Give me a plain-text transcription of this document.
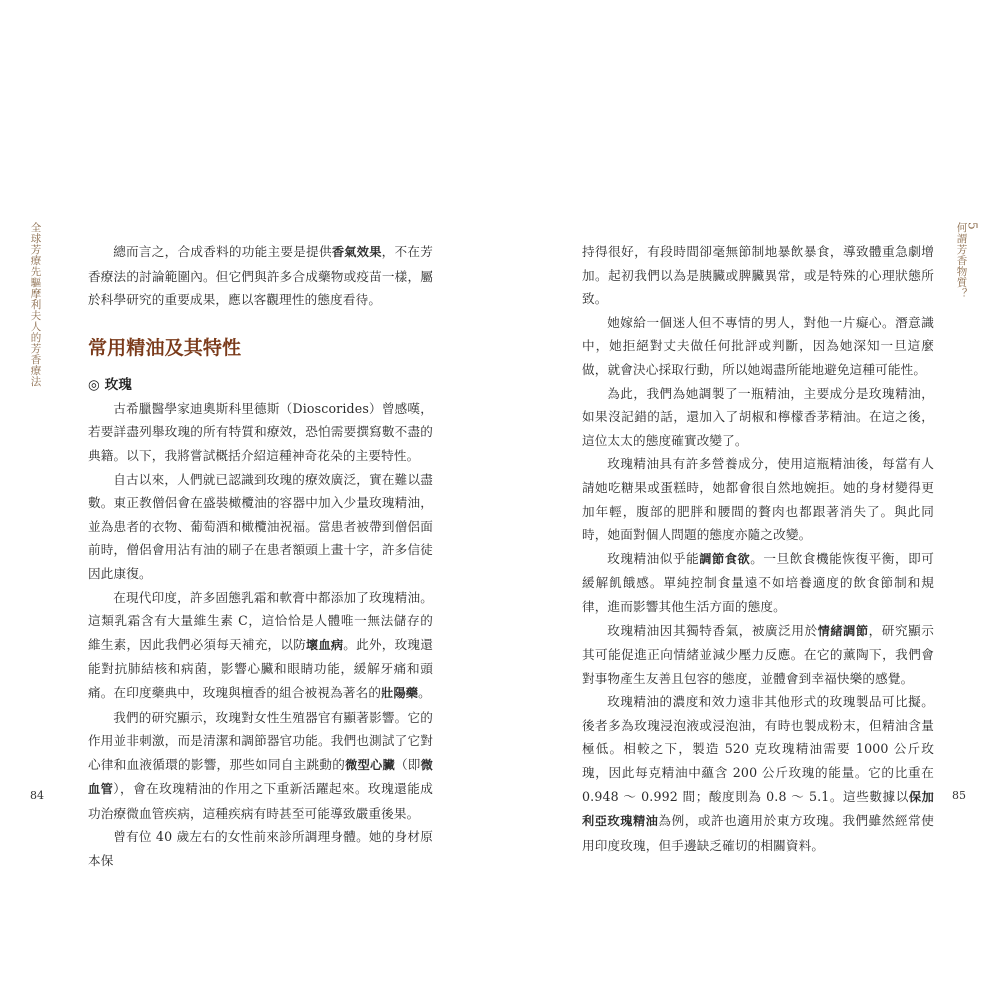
全球芳療先驅摩利夫人的芳香療法	總而言之，合成香料的功能主要是提供香氣效果，不在芳香療法的討論範圍內。但它們與許多合成藥物或疫苗一樣，屬於科學研究的重要成果，應以客觀理性的態度看待。

常用精油及其特性
◎ 玫瑰

古希臘醫學家迪奧斯科里德斯（Dioscorides）曾感嘆，若要詳盡列舉玫瑰的所有特質和療效，恐怕需要撰寫數不盡的典籍。以下，我將嘗試概括介紹這種神奇花朵的主要特性。

自古以來，人們就已認識到玫瑰的療效廣泛，實在難以盡數。東正教僧侶會在盛裝橄欖油的容器中加入少量玫瑰精油，並為患者的衣物、葡萄酒和橄欖油祝福。當患者被帶到僧侶面前時，僧侶會用沾有油的刷子在患者額頭上畫十字，許多信徒因此康復。

在現代印度，許多固態乳霜和軟膏中都添加了玫瑰精油。這類乳霜含有大量維生素 C，這恰恰是人體唯一無法儲存的維生素，因此我們必須每天補充，以防壞血病。此外，玫瑰還能對抗肺結核和病菌，影響心臟和眼睛功能，緩解牙痛和頭痛。在印度藥典中，玫瑰與檀香的組合被視為著名的壯陽藥。

我們的研究顯示，玫瑰對女性生殖器官有顯著影響。它的作用並非刺激，而是清潔和調節器官功能。我們也測試了它對心律和血液循環的影響，那些如同自主跳動的微型心臟（即微血管），會在玫瑰精油的作用之下重新活躍起來。玫瑰還能成功治療微血管疾病，這種疾病有時甚至可能導致嚴重後果。

曾有位 40 歲左右的女性前來診所調理身體。她的身材原本保

84
5
何謂芳香物質？

持得很好，有段時間卻毫無節制地暴飲暴食，導致體重急劇增加。起初我們以為是胰臟或脾臟異常，或是特殊的心理狀態所致。

她嫁給一個迷人但不專情的男人，對他一片癡心。潛意識中，她拒絕對丈夫做任何批評或判斷，因為她深知一旦這麼做，就會決心採取行動，所以她竭盡所能地避免這種可能性。

為此，我們為她調製了一瓶精油，主要成分是玫瑰精油，如果沒記錯的話，還加入了胡椒和檸檬香茅精油。在這之後，這位太太的態度確實改變了。

玫瑰精油具有許多營養成分，使用這瓶精油後，每當有人請她吃糖果或蛋糕時，她都會很自然地婉拒。她的身材變得更加年輕，腹部的肥胖和腰間的贅肉也都跟著消失了。與此同時，她面對個人問題的態度亦隨之改變。

玫瑰精油似乎能調節食欲。一旦飲食機能恢復平衡，即可緩解飢餓感。單純控制食量遠不如培養適度的飲食節制和規律，進而影響其他生活方面的態度。

玫瑰精油因其獨特香氣，被廣泛用於情緒調節，研究顯示其可能促進正向情緒並減少壓力反應。在它的薰陶下，我們會對事物產生友善且包容的態度，並體會到幸福快樂的感覺。

玫瑰精油的濃度和效力遠非其他形式的玫瑰製品可比擬。後者多為玫瑰浸泡液或浸泡油，有時也製成粉末，但精油含量極低。相較之下，製造 520 克玫瑰精油需要 1000 公斤玫瑰，因此每克精油中蘊含 200 公斤玫瑰的能量。它的比重在 0.948 ～ 0.992 間；酸度則為 0.8 ～ 5.1。這些數據以保加利亞玫瑰精油為例，或許也適用於東方玫瑰。我們雖然經常使用印度玫瑰，但手邊缺乏確切的相關資料。

85
